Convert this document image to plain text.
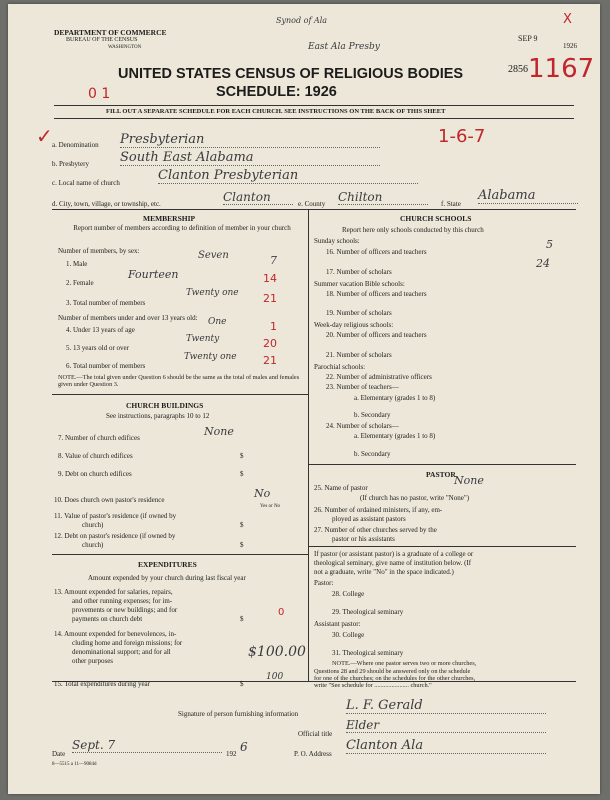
DEPARTMENT OF COMMERCE
BUREAU OF THE CENSUS
WASHINGTON
Synod of Ala
East Ala Presby
SEP 9
1926
2856
X
1167
UNITED STATES CENSUS OF RELIGIOUS BODIES
SCHEDULE: 1926
0 1
FILL OUT A SEPARATE SCHEDULE FOR EACH CHURCH. SEE INSTRUCTIONS ON THE BACK OF THIS SHEET
✓ a. Denomination Presbyterian	1-6-7
b. Presbytery South East Alabama
c. Local name of church	Clanton Presbyterian
d. City, town, village, or township, etc.	Clanton	e. County Chilton	f. State
Alabama
MEMBERSHIP
Report number of members according to definition of member in your church
Number of members, by sex:
1. Male
Seven	7
2. Female
Fourteen	14
3. Total number of members
Twenty one 21
Number of members under and over 13 years old:
4. Under 13 years of age
One	1
5. 13 years old or over
Twenty	20
6. Total number of members
Twenty one 21
NOTE.—The total given under Question 6 should be the same as the total of males and females given under Question 3.
CHURCH BUILDINGS
See instructions, paragraphs 10 to 12
7. Number of church edifices	None
8. Value of church edifices	$
9. Debt on church edifices	$
10. Does church own pastor's residence	No
Yes or No
11. Value of pastor's residence (if owned by
church)	$
12. Debt on pastor's residence (if owned by
church)	$
EXPENDITURES
Amount expended by your church during last fiscal year
13. Amount expended for salaries, repairs,
and other running expenses; for im-
provements or new buildings; and for
payments on church debt	$
0
14. Amount expended for benevolences, in-
cluding home and foreign missions; for
denominational support; and for all
other purposes
$100.00
15. Total expenditures during year	$
100
CHURCH SCHOOLS
Report here only schools conducted by this church
Sunday schools:
16. Number of officers and teachers
5
17. Number of scholars
24
Summer vacation Bible schools:
18. Number of officers and teachers
19. Number of scholars
Week-day religious schools:
20. Number of officers and teachers
21. Number of scholars
Parochial schools:
22. Number of administrative officers
23. Number of teachers—
a. Elementary (grades 1 to 8)
b. Secondary
24. Number of scholars—
a. Elementary (grades 1 to 8)
b. Secondary
PASTOR
25. Name of pastor
None
(If church has no pastor, write "None")
26. Number of ordained ministers, if any, em-
ployed as assistant pastors
27. Number of other churches served by the
pastor or his assistants
If pastor (or assistant pastor) is a graduate of a college or
theological seminary, give name of institution below. (If
not a graduate, write "No" in the space indicated.)
Pastor:
28. College
29. Theological seminary
Assistant pastor:
30. College
31. Theological seminary
NOTE.—Where one pastor serves two or more churches,
Questions 28 and 29 should be answered only on the schedule
for one of the churches; on the schedules for the other churches,
write "See schedule for ...................... church."
Signature of person furnishing information
L. F. Gerald
Official title
Elder
Date
Sept. 7
192 6	P. O. Address
Clanton Ala
8—5515 a 11—9084d
